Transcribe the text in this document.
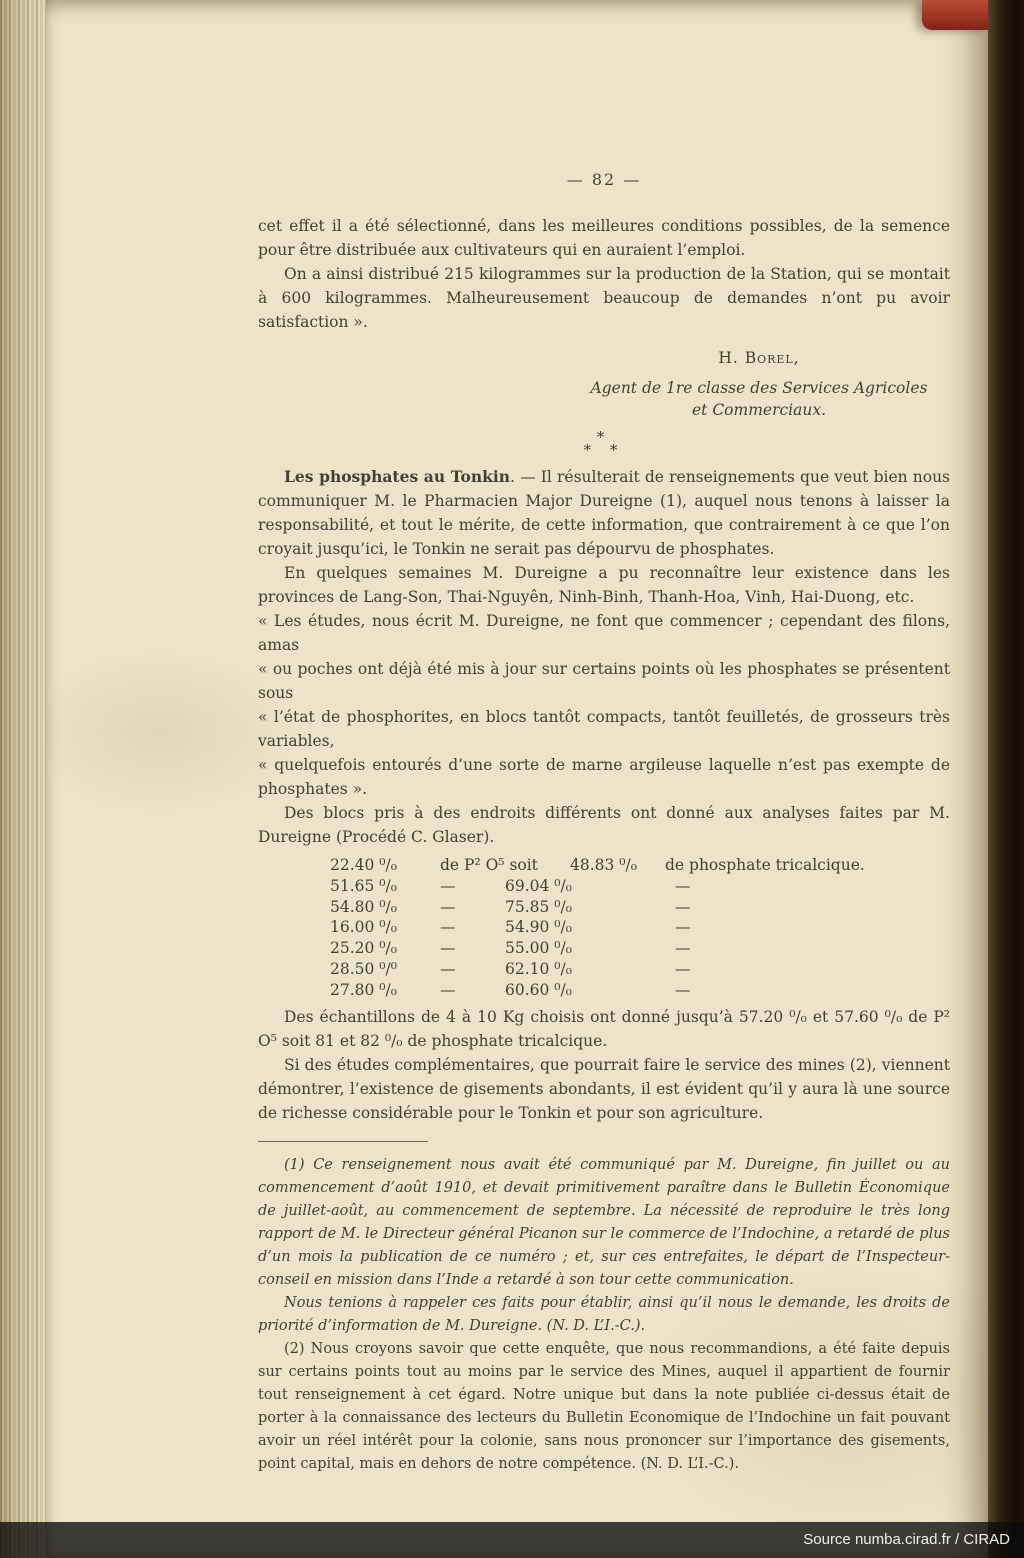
— 82 —

cet effet il a été sélectionné, dans les meilleures conditions possibles, de la semence pour être distribuée aux cultivateurs qui en auraient l’emploi.

On a ainsi distribué 215 kilogrammes sur la production de la Station, qui se montait à 600 kilogrammes. Malheureusement beaucoup de demandes n’ont pu avoir satisfaction ».

H. Borel,
Agent de 1re classe des Services Agricoles
et Commerciaux.
*
* *

Les phosphates au Tonkin. — Il résulterait de renseignements que veut bien nous communiquer M. le Pharmacien Major Dureigne (1), auquel nous tenons à laisser la responsabilité, et tout le mérite, de cette information, que contrairement à ce que l’on croyait jusqu’ici, le Tonkin ne serait pas dépourvu de phosphates.

En quelques semaines M. Dureigne a pu reconnaître leur existence dans les provinces de Lang-Son, Thai-Nguyên, Ninh-Binh, Thanh-Hoa, Vinh, Hai-Duong, etc.

« Les études, nous écrit M. Dureigne, ne font que commencer ; cependant des filons, amas
« ou poches ont déjà été mis à jour sur certains points où les phosphates se présentent sous
« l’état de phosphorites, en blocs tantôt compacts, tantôt feuilletés, de grosseurs très variables,
« quelquefois entourés d’une sorte de marne argileuse laquelle n’est pas exempte de phosphates ».

Des blocs pris à des endroits différents ont donné aux analyses faites par M. Dureigne (Procédé C. Glaser).

22.40 ⁰/₀	de P² O⁵ soit	48.83 ⁰/₀	de phosphate tricalcique.
51.65 ⁰/₀	—	69.04 ⁰/₀	—
54.80 ⁰/₀	—	75.85 ⁰/₀	—
16.00 ⁰/₀	—	54.90 ⁰/₀	—
25.20 ⁰/₀	—	55.00 ⁰/₀	—
28.50 ⁰/⁰	—	62.10 ⁰/₀	—
27.80 ⁰/₀	—	60.60 ⁰/₀	—

Des échantillons de 4 à 10 Kg choisis ont donné jusqu’à 57.20 ⁰/₀ et 57.60 ⁰/₀ de P² O⁵ soit 81 et 82 ⁰/₀ de phosphate tricalcique.

Si des études complémentaires, que pourrait faire le service des mines (2), viennent démontrer, l’existence de gisements abondants, il est évident qu’il y aura là une source de richesse considérable pour le Tonkin et pour son agriculture.

(1) Ce renseignement nous avait été communiqué par M. Dureigne, fin juillet ou au commencement d’août 1910, et devait primitivement paraître dans le Bulletin Économique de juillet-août, au commencement de septembre. La nécessité de reproduire le très long rapport de M. le Directeur général Picanon sur le commerce de l’Indochine, a retardé de plus d’un mois la publication de ce numéro ; et, sur ces entrefaites, le départ de l’Inspecteur-conseil en mission dans l’Inde a retardé à son tour cette communication.

Nous tenions à rappeler ces faits pour établir, ainsi qu’il nous le demande, les droits de priorité d’information de M. Dureigne. (N. D. L’I.-C.).

(2) Nous croyons savoir que cette enquête, que nous recommandions, a été faite depuis sur certains points tout au moins par le service des Mines, auquel il appartient de fournir tout renseignement à cet égard. Notre unique but dans la note publiée ci-dessus était de porter à la connaissance des lecteurs du Bulletin Economique de l’Indochine un fait pouvant avoir un réel intérêt pour la colonie, sans nous prononcer sur l’importance des gisements, point capital, mais en dehors de notre compétence. (N. D. L’I.-C.).

Source numba.cirad.fr / CIRAD
